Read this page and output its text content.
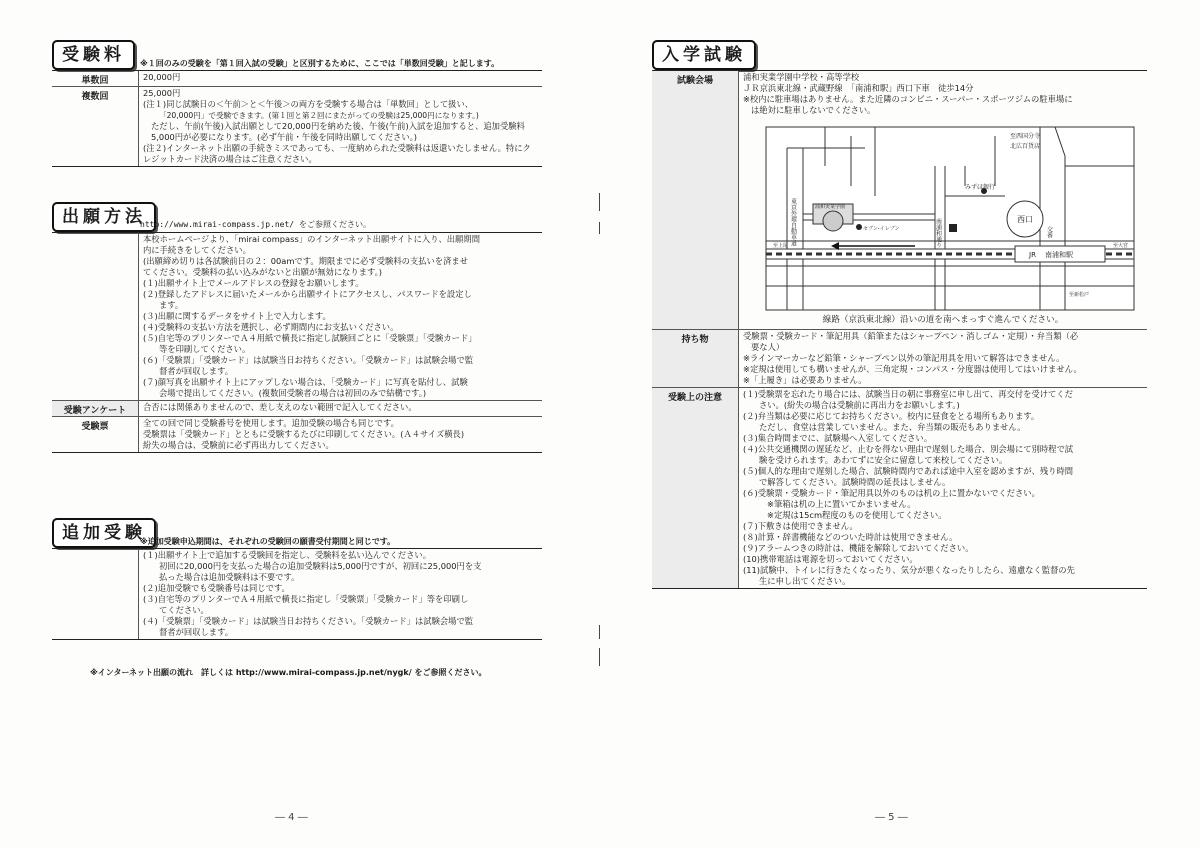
受験料	※１回のみの受験を「第１回入試の受験」と区別するために、ここでは「単数回受験」と記します。
単数回	20,000円
複数回	25,000円
(注１)同じ試験日の＜午前＞と＜午後＞の両方を受験する場合は「単数回」として扱い、
「20,000円」で受験できます。(第１回と第２回にまたがっての受験は25,000円になります。)
ただし、午前(午後)入試出願として20,000円を納めた後、午後(午前)入試を追加すると、追加受験料5,000円が必要になります。(必ず午前・午後を同時出願してください。)
(注２)インターネット出願の手続きミスであっても、一度納められた受験料は返還いたしません。特にクレジットカード決済の場合はご注意ください。
出願方法
http://www.mirai-compass.jp.net/ をご参照ください。
本校ホームページより、「mirai compass」のインターネット出願サイトに入り、出願期間
内に手続きをしてください。
(出願締め切りは各試験前日の２：00amです。期限までに必ず受験料の支払いを済ませ
てください。受験料の払い込みがないと出願が無効になります。)
(１)出願サイト上でメールアドレスの登録をお願いします。
(２)登録したアドレスに届いたメールから出願サイトにアクセスし、パスワードを設定し
ます。
(３)出願に関するデータをサイト上で入力します。
(４)受験料の支払い方法を選択し、必ず期間内にお支払いください。
(５)自宅等のプリンターでＡ４用紙で横長に指定し試験回ごとに「受験票」「受験カード」
等を印刷してください。
(６)「受験票」「受験カード」は試験当日お持ちください。「受験カード」は試験会場で監
督者が回収します。
(７)顔写真を出願サイト上にアップしない場合は、「受験カード」に写真を貼付し、試験
会場で提出してください。(複数回受験者の場合は初回のみで結構です。)
受験アンケート	合否には関係ありませんので、差し支えのない範囲で記入してください。
受験票	全ての回で同じ受験番号を使用します。追加受験の場合も同じです。
受験票は「受験カード」とともに受験するたびに印刷してください。(Ａ４サイズ横長)
紛失の場合は、受験前に必ず再出力してください。
追加受験
※追加受験申込期間は、それぞれの受験回の願書受付期間と同じです。
(１)出願サイト上で追加する受験回を指定し、受験料を払い込んでください。
初回に20,000円を支払った場合の追加受験料は5,000円ですが、初回に25,000円を支
払った場合は追加受験料は不要です。
(２)追加受験でも受験番号は同じです。
(３)自宅等のプリンターでＡ４用紙で横長に指定し「受験票」「受験カード」等を印刷し
てください。
(４)「受験票」「受験カード」は試験当日お持ちください。「受験カード」は試験会場で監
督者が回収します。
※インターネット出願の流れ　詳しくは http://www.mirai-compass.jp.net/nygk/ をご参照ください。
― 4 ―
入学試験
試験会場	浦和実業学園中学校・高等学校
ＪＲ京浜東北線・武蔵野線　「南浦和駅」西口下車　徒歩14分
※校内に駐車場はありません。また近隣のコンビニ・スーパー・スポーツジムの駐車場に
は絶対に駐車しないでください。
至西国分寺
北広百貨店
みずほ銀行
東京外環自動車道	浦和実業学園
セブン-イレブン	南浦和通り	西口
JR 南浦和駅
至上尾	至大宮
交番
至新松戸
線路（京浜東北線）沿いの道を南へまっすぐ進んでください。
持ち物	受験票・受験カード・筆記用具（鉛筆またはシャープペン・消しゴム・定規）・弁当類（必
要な人）
※ラインマーカーなど鉛筆・シャープペン以外の筆記用具を用いて解答はできません。
※定規は使用しても構いませんが、三角定規・コンパス・分度器は使用してはいけません。
※「上履き」は必要ありません。
受験上の注意	(１)受験票を忘れたり場合には、試験当日の朝に事務室に申し出て、再交付を受けてくだ
さい。(紛失の場合は受験前に再出力をお願いします。)
(２)弁当類は必要に応じてお持ちください。校内に昼食をとる場所もあります。
ただし、食堂は営業していません。また、弁当類の販売もありません。
(３)集合時間までに、試験場へ入室してください。
(４)公共交通機関の遅延など、止むを得ない理由で遅刻した場合、別会場にて別時程で試
験を受けられます。あわてずに安全に留意して来校してください。
(５)個人的な理由で遅刻した場合、試験時間内であれば途中入室を認めますが、残り時間
で解答してください。試験時間の延長はしません。
(６)受験票・受験カード・筆記用具以外のものは机の上に置かないでください。
※筆箱は机の上に置いてかまいません。
※定規は15cm程度のものを使用してください。
(７)下敷きは使用できません。
(８)計算・辞書機能などのついた時計は使用できません。
(９)アラームつきの時計は、機能を解除しておいてください。
(10)携帯電話は電源を切っておいてください。
(11)試験中、トイレに行きたくなったり、気分が悪くなったりしたら、遠慮なく監督の先
生に申し出てください。
― 5 ―
